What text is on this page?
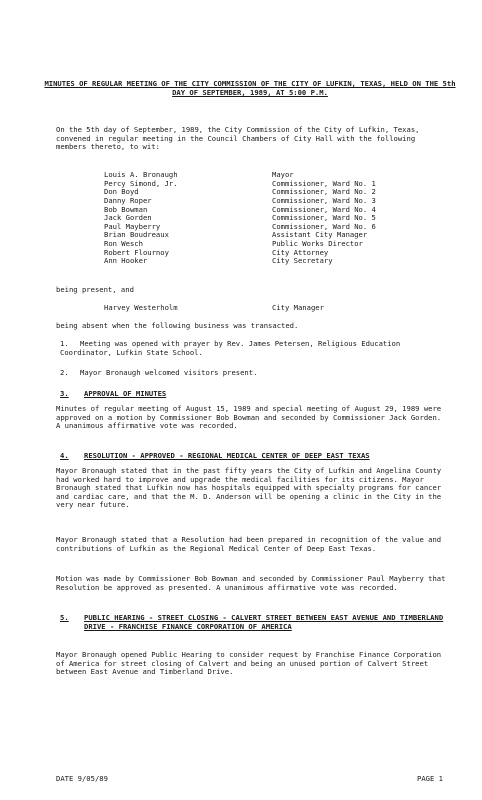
MINUTES OF REGULAR MEETING OF THE CITY COMMISSION OF THE CITY OF LUFKIN, TEXAS, HELD ON THE 5th DAY OF SEPTEMBER, 1989, AT 5:00 P.M.
On the 5th day of September, 1989, the City Commission of the City of Lufkin, Texas, convened in regular meeting in the Council Chambers of City Hall with the following members thereto, to wit:
Louis A. Bronaugh	Mayor
Percy Simond, Jr.	Commissioner, Ward No. 1
Don Boyd	Commissioner, Ward No. 2
Danny Roper	Commissioner, Ward No. 3
Bob Bowman	Commissioner, Ward No. 4
Jack Gorden	Commissioner, Ward No. 5
Paul Mayberry	Commissioner, Ward No. 6
Brian Boudreaux	Assistant City Manager
Ron Wesch	Public Works Director
Robert Flournoy	City Attorney
Ann Hooker	City Secretary
being present, and
Harvey Westerholm	City Manager
being absent when the following business was transacted.
1. Meeting was opened with prayer by Rev. James Petersen, Religious Education Coordinator, Lufkin State School.
2. Mayor Bronaugh welcomed visitors present.
3. APPROVAL OF MINUTES
Minutes of regular meeting of August 15, 1989 and special meeting of August 29, 1989 were approved on a motion by Commissioner Bob Bowman and seconded by Commissioner Jack Gorden. A unanimous affirmative vote was recorded.
4. RESOLUTION - APPROVED - REGIONAL MEDICAL CENTER OF DEEP EAST TEXAS
Mayor Bronaugh stated that in the past fifty years the City of Lufkin and Angelina County had worked hard to improve and upgrade the medical facilities for its citizens. Mayor Bronaugh stated that Lufkin now has hospitals equipped with specialty programs for cancer and cardiac care, and that the M. D. Anderson will be opening a clinic in the City in the very near future.
Mayor Bronaugh stated that a Resolution had been prepared in recognition of the value and contributions of Lufkin as the Regional Medical Center of Deep East Texas.
Motion was made by Commissioner Bob Bowman and seconded by Commissioner Paul Mayberry that Resolution be approved as presented. A unanimous affirmative vote was recorded.
5.	PUBLIC HEARING - STREET CLOSING - CALVERT STREET BETWEEN EAST AVENUE AND TIMBERLAND DRIVE - FRANCHISE FINANCE CORPORATION OF AMERICA
Mayor Bronaugh opened Public Hearing to consider request by Franchise Finance Corporation of America for street closing of Calvert and being an unused portion of Calvert Street between East Avenue and Timberland Drive.
DATE 9/05/89	PAGE 1
